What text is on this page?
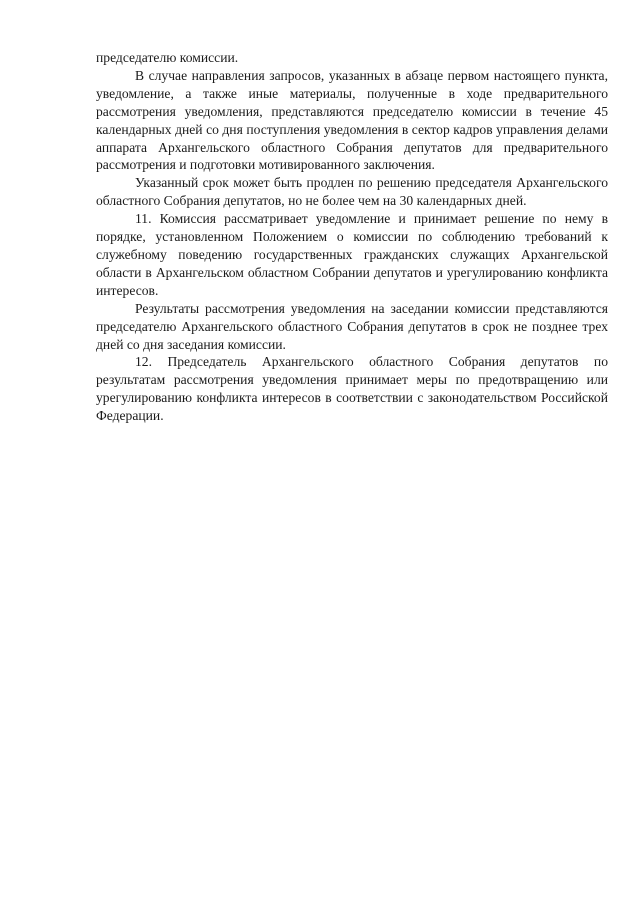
председателю комиссии.

В случае направления запросов, указанных в абзаце первом настоящего пункта, уведомление, а также иные материалы, полученные в ходе предварительного рассмотрения уведомления, представляются председателю комиссии в течение 45 календарных дней со дня поступления уведомления в сектор кадров управления делами аппарата Архангельского областного Собрания депутатов для предварительного рассмотрения и подготовки мотивированного заключения.

Указанный срок может быть продлен по решению председателя Архангельского областного Собрания депутатов, но не более чем на 30 календарных дней.

11. Комиссия рассматривает уведомление и принимает решение по нему в порядке, установленном Положением о комиссии по соблюдению требований к служебному поведению государственных гражданских служащих Архангельской области в Архангельском областном Собрании депутатов и урегулированию конфликта интересов.

Результаты рассмотрения уведомления на заседании комиссии представляются председателю Архангельского областного Собрания депутатов в срок не позднее трех дней со дня заседания комиссии.

12. Председатель Архангельского областного Собрания депутатов по результатам рассмотрения уведомления принимает меры по предотвращению или урегулированию конфликта интересов в соответствии с законодательством Российской Федерации.
